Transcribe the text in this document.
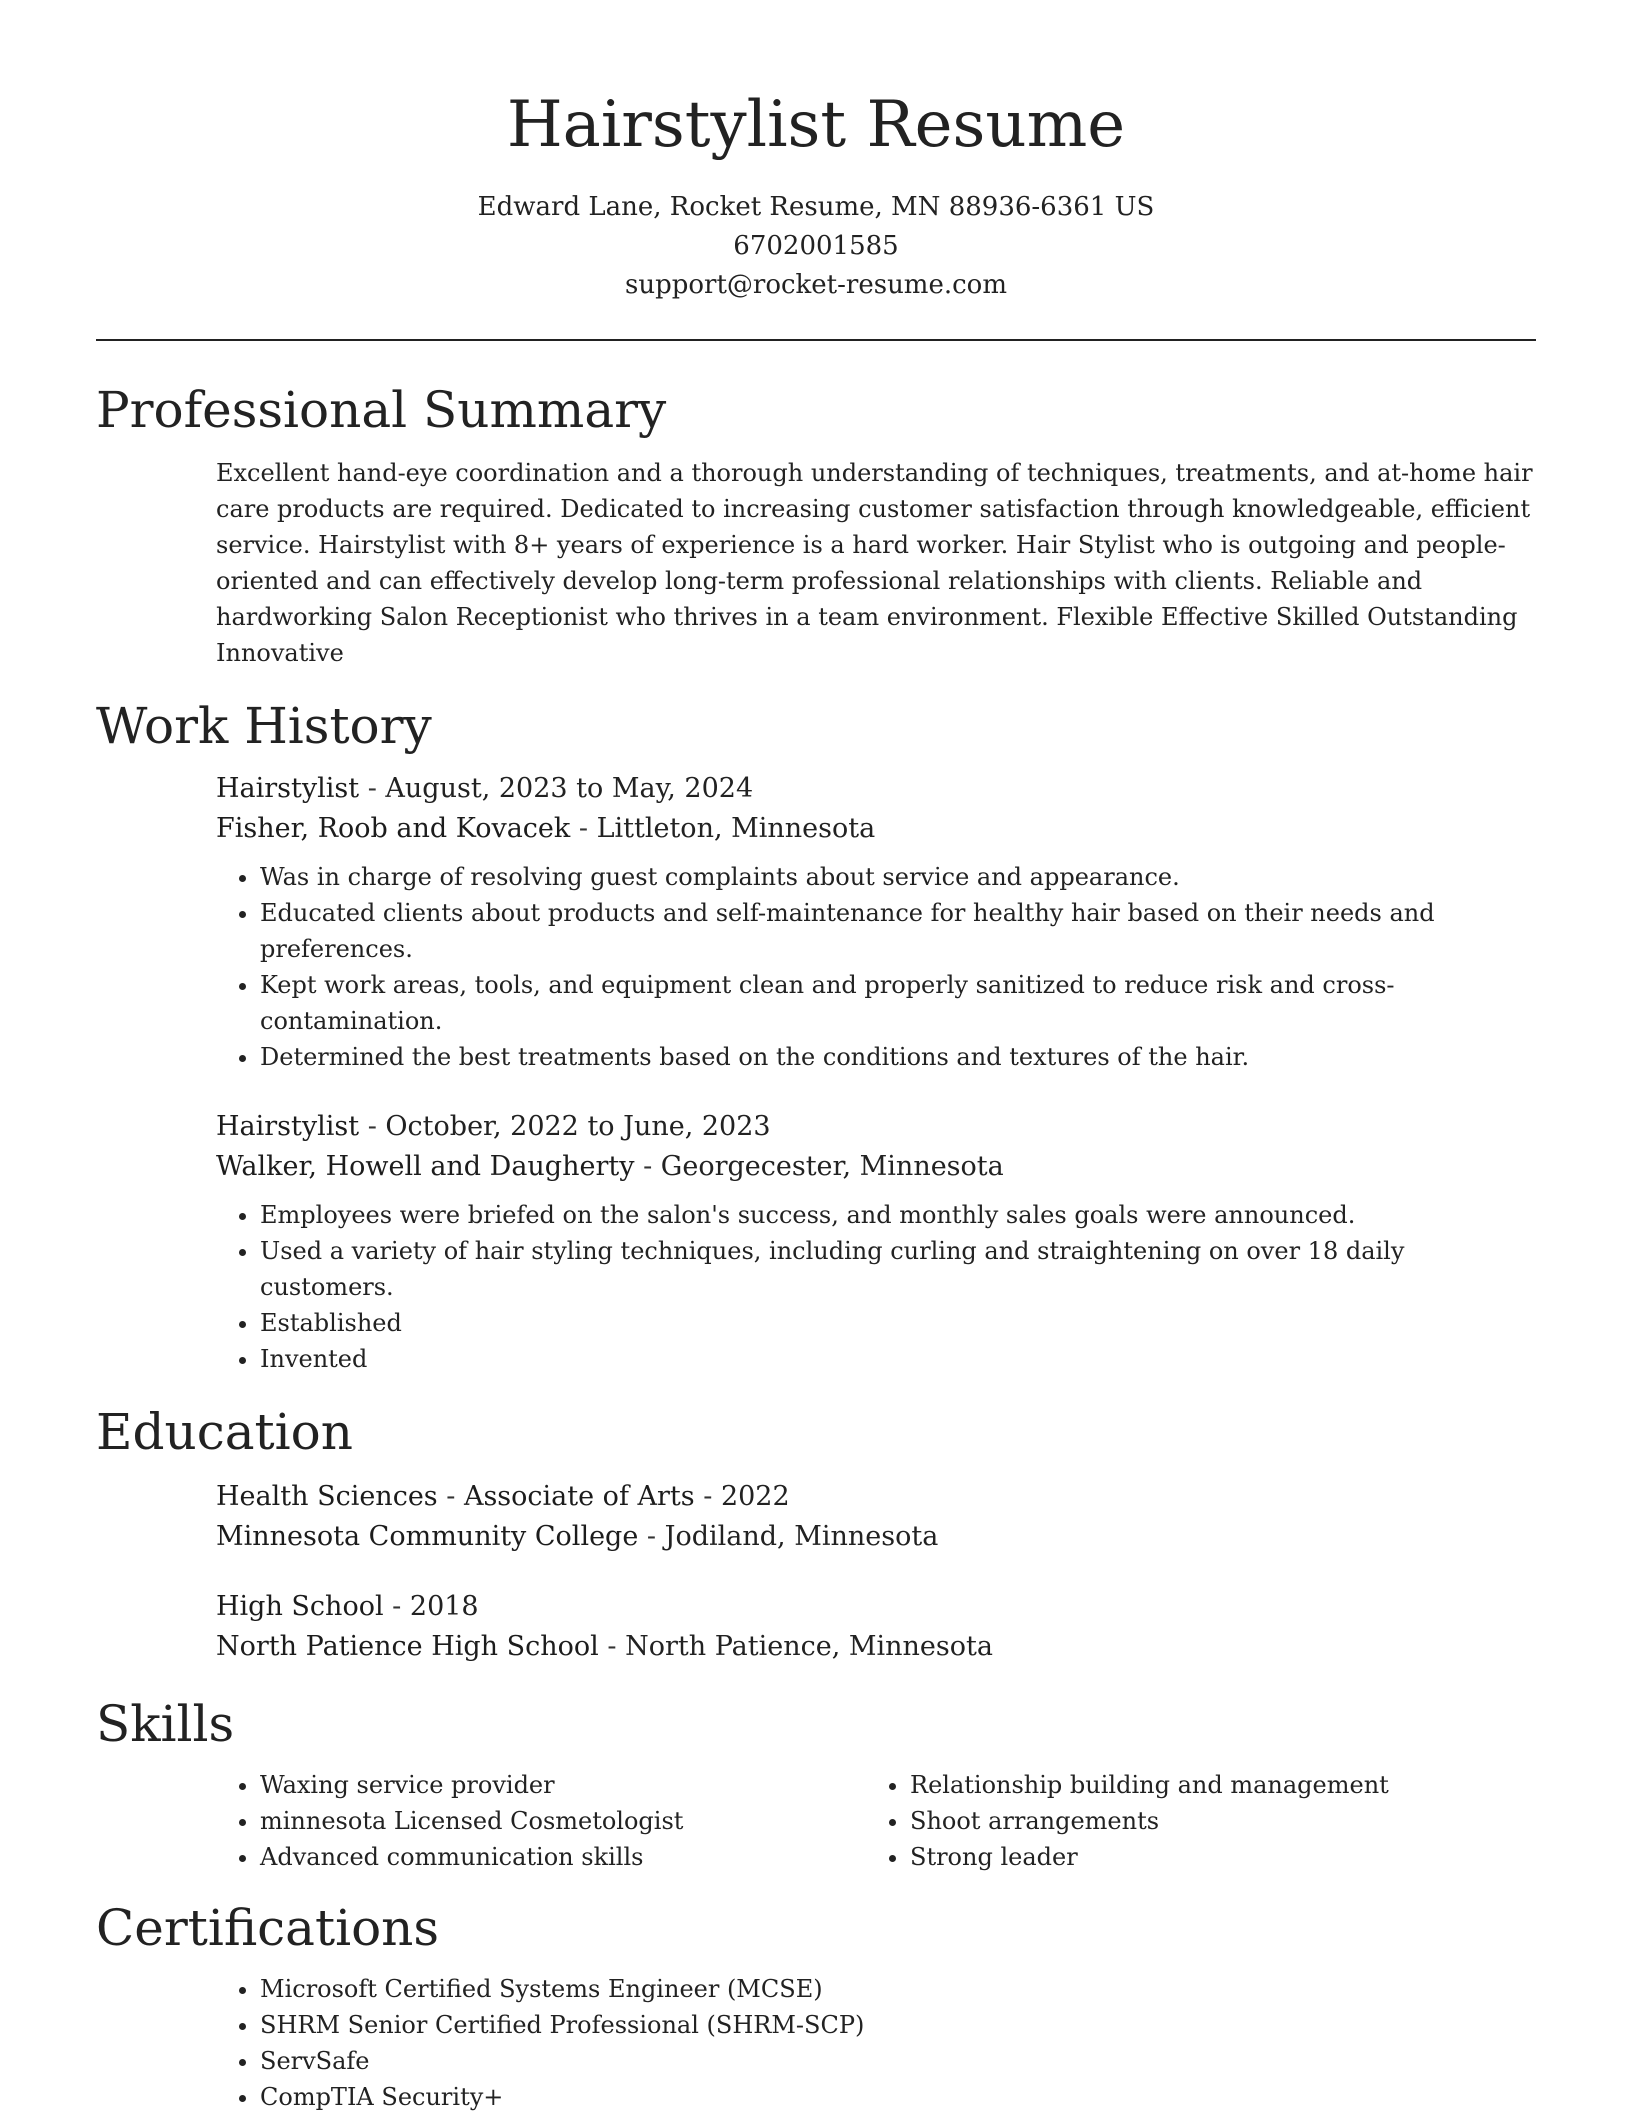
Hairstylist Resume
Edward Lane, Rocket Resume, MN 88936-6361 US
6702001585
support@rocket-resume.com
Professional Summary

Excellent hand-eye coordination and a thorough understanding of techniques, treatments, and at-home hair care products are required. Dedicated to increasing customer satisfaction through knowledgeable, efficient service. Hairstylist with 8+ years of experience is a hard worker. Hair Stylist who is outgoing and people-oriented and can effectively develop long-term professional relationships with clients. Reliable and hardworking Salon Receptionist who thrives in a team environment. Flexible Effective Skilled Outstanding Innovative

Work History
Hairstylist - August, 2023 to May, 2024
Fisher, Roob and Kovacek - Littleton, Minnesota
• Was in charge of resolving guest complaints about service and appearance.
• Educated clients about products and self-maintenance for healthy hair based on their needs and preferences.
• Kept work areas, tools, and equipment clean and properly sanitized to reduce risk and cross-contamination.
• Determined the best treatments based on the conditions and textures of the hair.
Hairstylist - October, 2022 to June, 2023
Walker, Howell and Daugherty - Georgecester, Minnesota
• Employees were briefed on the salon's success, and monthly sales goals were announced.
• Used a variety of hair styling techniques, including curling and straightening on over 18 daily customers.
• Established
• Invented
Education
Health Sciences - Associate of Arts - 2022
Minnesota Community College - Jodiland, Minnesota
High School - 2018
North Patience High School - North Patience, Minnesota
Skills
• Waxing service provider
• minnesota Licensed Cosmetologist
• Advanced communication skills
• Relationship building and management
• Shoot arrangements
• Strong leader
Certifications
• Microsoft Certified Systems Engineer (MCSE)
• SHRM Senior Certified Professional (SHRM-SCP)
• ServSafe
• CompTIA Security+
